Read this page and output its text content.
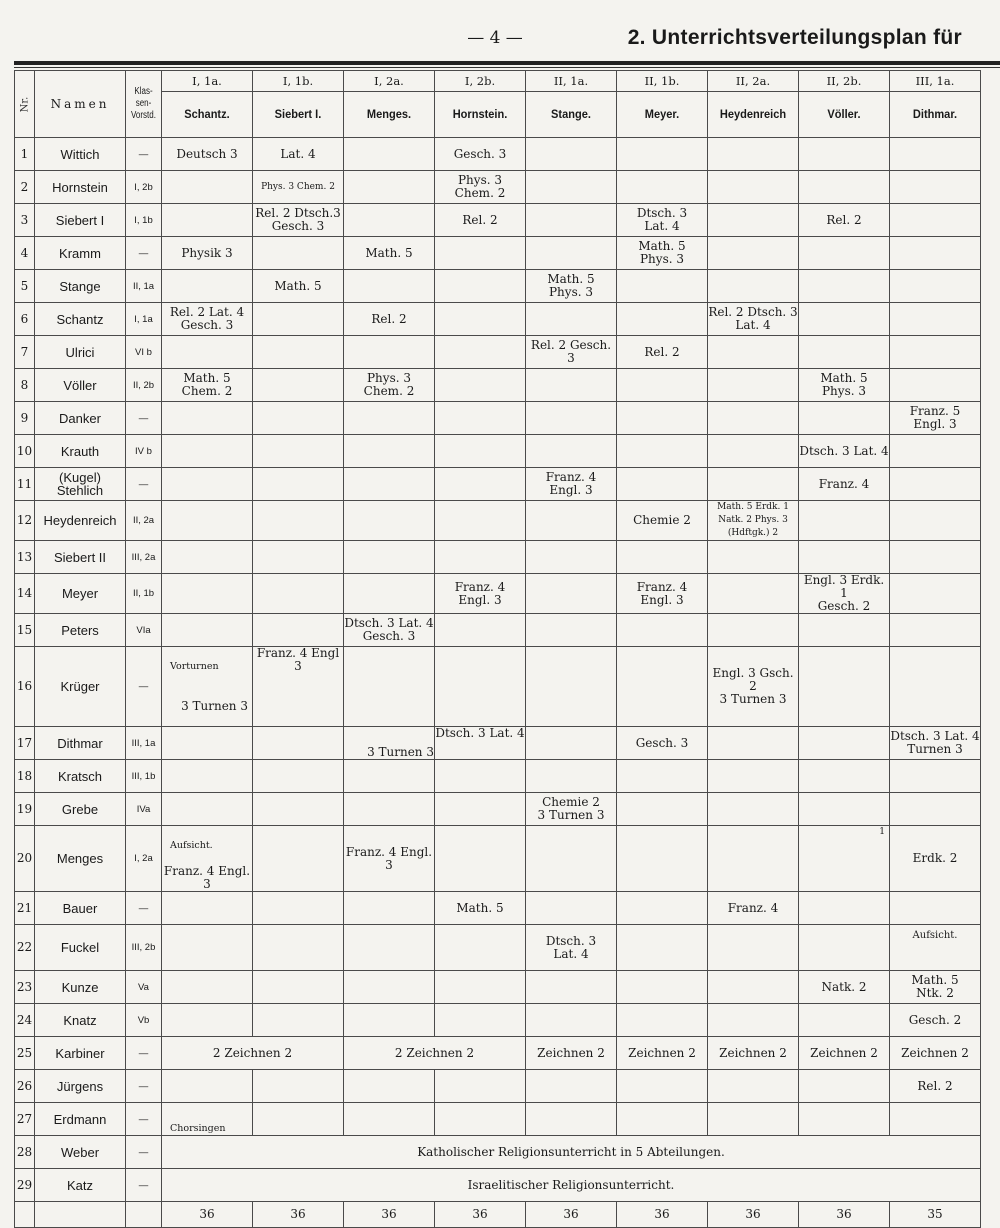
— 4 —	2. Unterrichtsverteilungsplan für
Nr.	Namen	Klas-
sen-
Vorstd.	I, 1a.	I, 1b.	I, 2a.	I, 2b.	II, 1a.	II, 1b.	II, 2a.	II, 2b.	III, 1a.

			Schantz.	Siebert I.	Menges.	Hornstein.	Stange.	Meyer.	Heydenreich	Völler.	Dithmar.

1	Wittich	—	Deutsch 3	Lat. 4		Gesch. 3					
2	Hornstein	I, 2b		Phys. 3 Chem. 2		Phys. 3
Chem. 2					
3	Siebert I	I, 1b		Rel. 2 Dtsch.3
Gesch. 3		Rel. 2		Dtsch. 3
Lat. 4		Rel. 2	
4	Kramm	—	Physik 3		Math. 5			Math. 5
Phys. 3			
5	Stange	II, 1a		Math. 5			Math. 5
Phys. 3				
6	Schantz	I, 1a	Rel. 2 Lat. 4
Gesch. 3		Rel. 2				Rel. 2 Dtsch. 3
Lat. 4		
7	Ulrici	VI b					Rel. 2 Gesch. 3	Rel. 2			
8	Völler	II, 2b	Math. 5
Chem. 2		Phys. 3
Chem. 2					Math. 5
Phys. 3	
9	Danker	—									Franz. 5
Engl. 3
10	Krauth	IV b								Dtsch. 3 Lat. 4	
11	(Kugel)
Stehlich	—					Franz. 4
Engl. 3			Franz. 4	
12	Heydenreich	II, 2a						Chemie 2	Math. 5 Erdk. 1
Natk. 2 Phys. 3
(Hdftgk.) 2		
13	Siebert II	III, 2a									
14	Meyer	II, 1b				Franz. 4
Engl. 3		Franz. 4
Engl. 3		Engl. 3 Erdk. 1
Gesch. 2	
15	Peters	VIa			Dtsch. 3 Lat. 4
Gesch. 3						
16	Krüger	—	Vorturnen

3 Turnen 3	Franz. 4 Engl 3					Engl. 3 Gsch. 2
3 Turnen 3		
17	Dithmar	III, 1a			3 Turnen 3	Dtsch. 3 Lat. 4		Gesch. 3			Dtsch. 3 Lat. 4
Turnen 3
18	Kratsch	III, 1b									
19	Grebe	IVa					Chemie 2
3 Turnen 3				
20	Menges	I, 2a	Aufsicht.

Franz. 4 Engl. 3		Franz. 4 Engl. 3					1	Erdk. 2
21	Bauer	—				Math. 5			Franz. 4		
22	Fuckel	III, 2b					Dtsch. 3
Lat. 4				Aufsicht.
23	Kunze	Va								Natk. 2	Math. 5
Ntk. 2
24	Knatz	Vb									Gesch. 2
25	Karbiner	—	2 Zeichnen 2		2 Zeichnen 2		Zeichnen 2	Zeichnen 2	Zeichnen 2	Zeichnen 2	Zeichnen 2
26	Jürgens	—									Rel. 2
27	Erdmann	—	Chorsingen								

28	Weber	—	Katholischer Religionsunterricht in 5 Abteilungen.								
29	Katz	—	Israelitischer Religionsunterricht.								
			36	36	36	36	36	36	36	36	35
